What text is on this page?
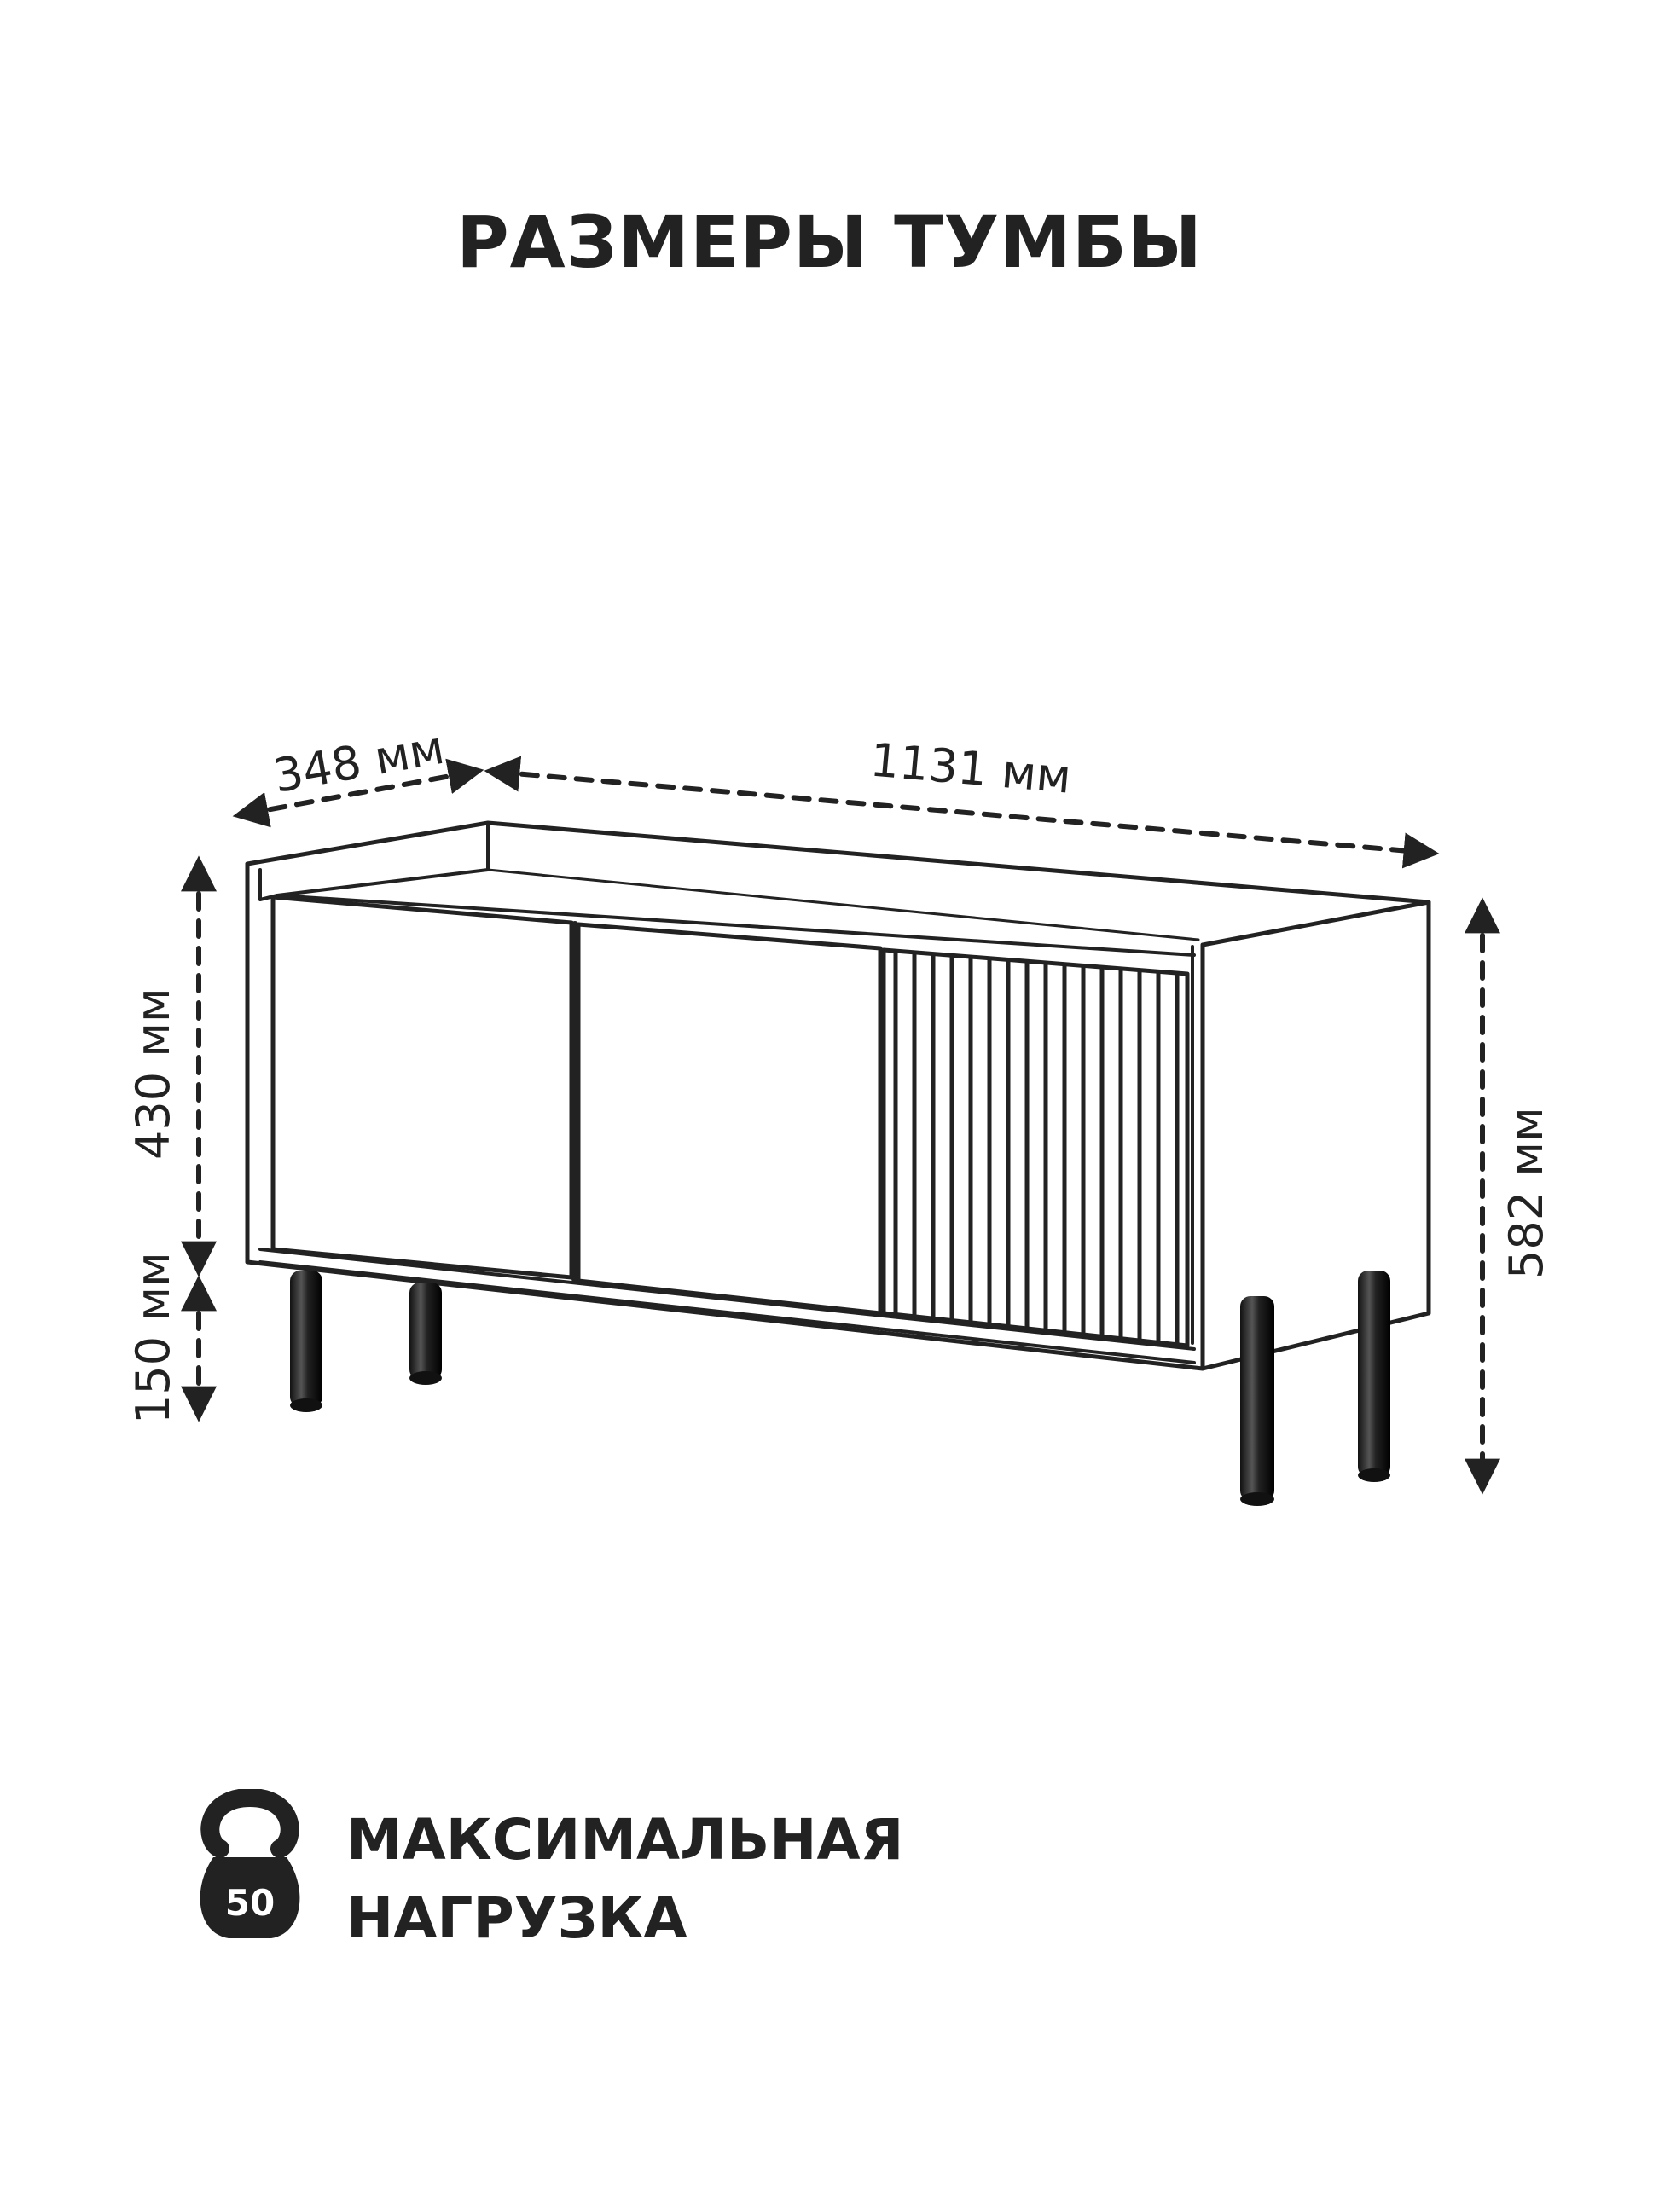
РАЗМЕРЫ ТУМБЫ
348 мм	1131 мм
430 мм
150 мм
582 мм
50
МАКСИМАЛЬНАЯ
НАГРУЗКА
